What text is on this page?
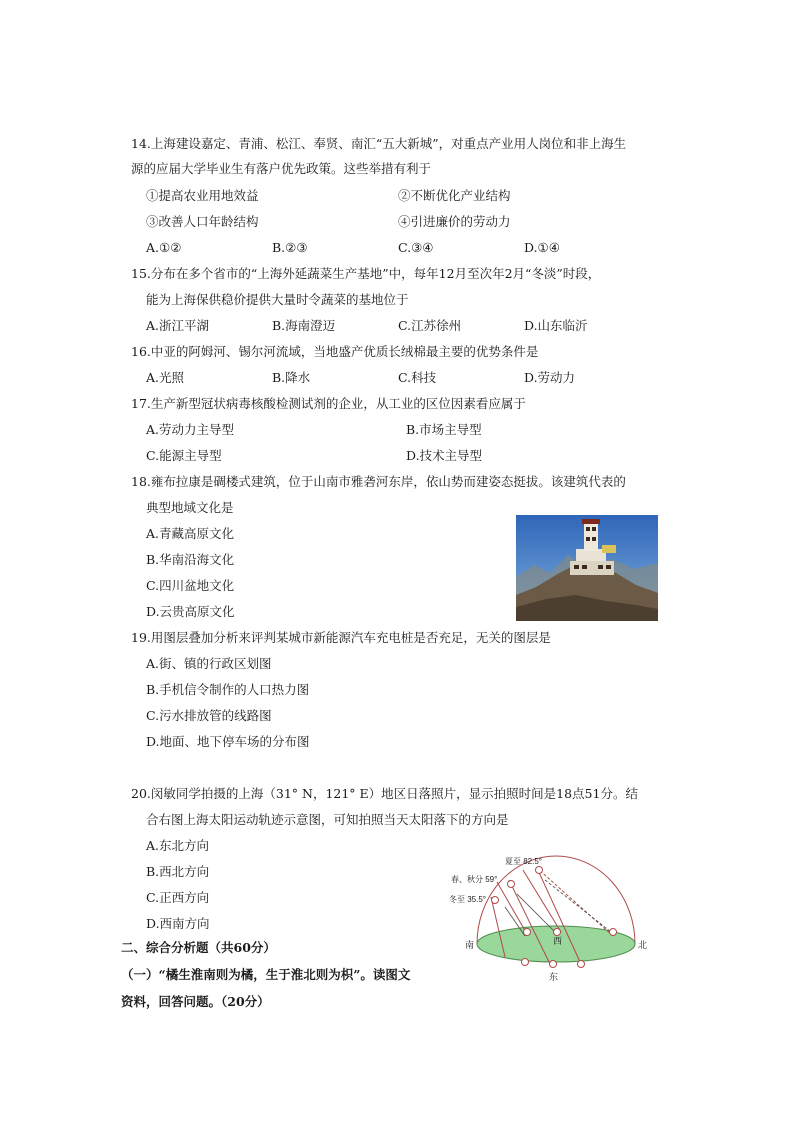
14.上海建设嘉定、青浦、松江、奉贤、南汇“五大新城”，对重点产业用人岗位和非上海生
源的应届大学毕业生有落户优先政策。这些举措有利于
①提高农业用地效益	②不断优化产业结构
③改善人口年龄结构	④引进廉价的劳动力
A.①②	B.②③	C.③④	D.①④
15.分布在多个省市的“上海外延蔬菜生产基地”中，每年12月至次年2月“冬淡”时段，
能为上海保供稳价提供大量时令蔬菜的基地位于
A.浙江平湖	B.海南澄迈	C.江苏徐州	D.山东临沂
16.中亚的阿姆河、锡尔河流域，当地盛产优质长绒棉最主要的优势条件是
A.光照	B.降水	C.科技	D.劳动力
17.生产新型冠状病毒核酸检测试剂的企业，从工业的区位因素看应属于
A.劳动力主导型	B.市场主导型
C.能源主导型	D.技术主导型
18.雍布拉康是碉楼式建筑，位于山南市雅砻河东岸，依山势而建姿态挺拔。该建筑代表的
典型地域文化是
A.青藏高原文化
B.华南沿海文化
C.四川盆地文化
D.云贵高原文化
19.用图层叠加分析来评判某城市新能源汽车充电桩是否充足，无关的图层是
A.街、镇的行政区划图
B.手机信令制作的人口热力图
C.污水排放管的线路图
D.地面、地下停车场的分布图
20.闵敏同学拍摄的上海（31° N，121° E）地区日落照片，显示拍照时间是18点51分。结
合右图上海太阳运动轨迹示意图，可知拍照当天太阳落下的方向是
A.东北方向
B.西北方向
C.正西方向
D.西南方向
夏至 82.5°
春、秋分 59°
冬至 35.5°
南	北
西
东
二、综合分析题（共60分）
（一）“橘生淮南则为橘，生于淮北则为枳”。读图文
资料，回答问题。（20分）
